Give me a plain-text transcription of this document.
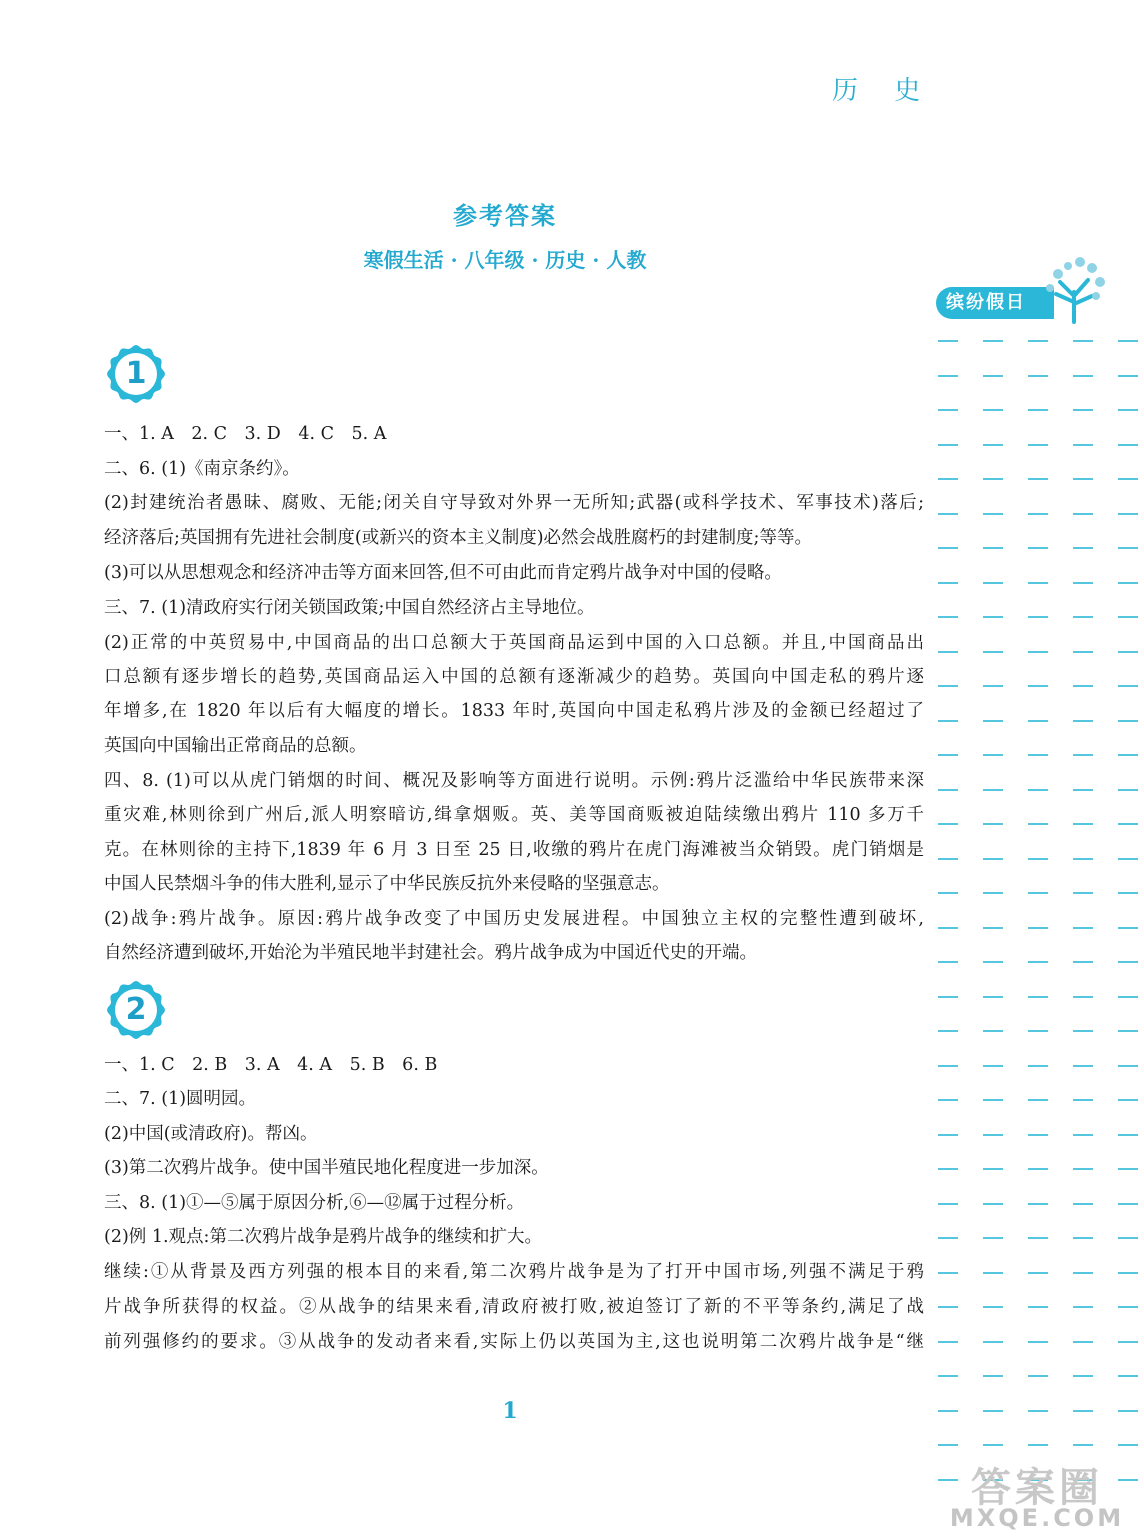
历 史
参考答案
寒假生活 · 八年级 · 历史 · 人教
缤纷假日
1
一、1. A　2. C　3. D　4. C　5. A
二、6. (1)《南京条约》。
(2)封建统治者愚昧、腐败、无能;闭关自守导致对外界一无所知;武器(或科学技术、军事技术)落后;
经济落后;英国拥有先进社会制度(或新兴的资本主义制度)必然会战胜腐朽的封建制度;等等。
(3)可以从思想观念和经济冲击等方面来回答,但不可由此而肯定鸦片战争对中国的侵略。
三、7. (1)清政府实行闭关锁国政策;中国自然经济占主导地位。
(2)正常的中英贸易中,中国商品的出口总额大于英国商品运到中国的入口总额。并且,中国商品出
口总额有逐步增长的趋势,英国商品运入中国的总额有逐渐减少的趋势。英国向中国走私的鸦片逐
年增多,在 1820 年以后有大幅度的增长。1833 年时,英国向中国走私鸦片涉及的金额已经超过了
英国向中国输出正常商品的总额。
四、8. (1)可以从虎门销烟的时间、概况及影响等方面进行说明。示例:鸦片泛滥给中华民族带来深
重灾难,林则徐到广州后,派人明察暗访,缉拿烟贩。英、美等国商贩被迫陆续缴出鸦片 110 多万千
克。在林则徐的主持下,1839 年 6 月 3 日至 25 日,收缴的鸦片在虎门海滩被当众销毁。虎门销烟是
中国人民禁烟斗争的伟大胜利,显示了中华民族反抗外来侵略的坚强意志。
(2)战争:鸦片战争。原因:鸦片战争改变了中国历史发展进程。中国独立主权的完整性遭到破坏,
自然经济遭到破坏,开始沦为半殖民地半封建社会。鸦片战争成为中国近代史的开端。
2
一、1. C　2. B　3. A　4. A　5. B　6. B
二、7. (1)圆明园。
(2)中国(或清政府)。帮凶。
(3)第二次鸦片战争。使中国半殖民地化程度进一步加深。
三、8. (1)①—⑤属于原因分析,⑥—⑫属于过程分析。
(2)例 1.观点:第二次鸦片战争是鸦片战争的继续和扩大。
继续:①从背景及西方列强的根本目的来看,第二次鸦片战争是为了打开中国市场,列强不满足于鸦
片战争所获得的权益。②从战争的结果来看,清政府被打败,被迫签订了新的不平等条约,满足了战
前列强修约的要求。③从战争的发动者来看,实际上仍以英国为主,这也说明第二次鸦片战争是“继
1
答案圈
MXQE.COM
